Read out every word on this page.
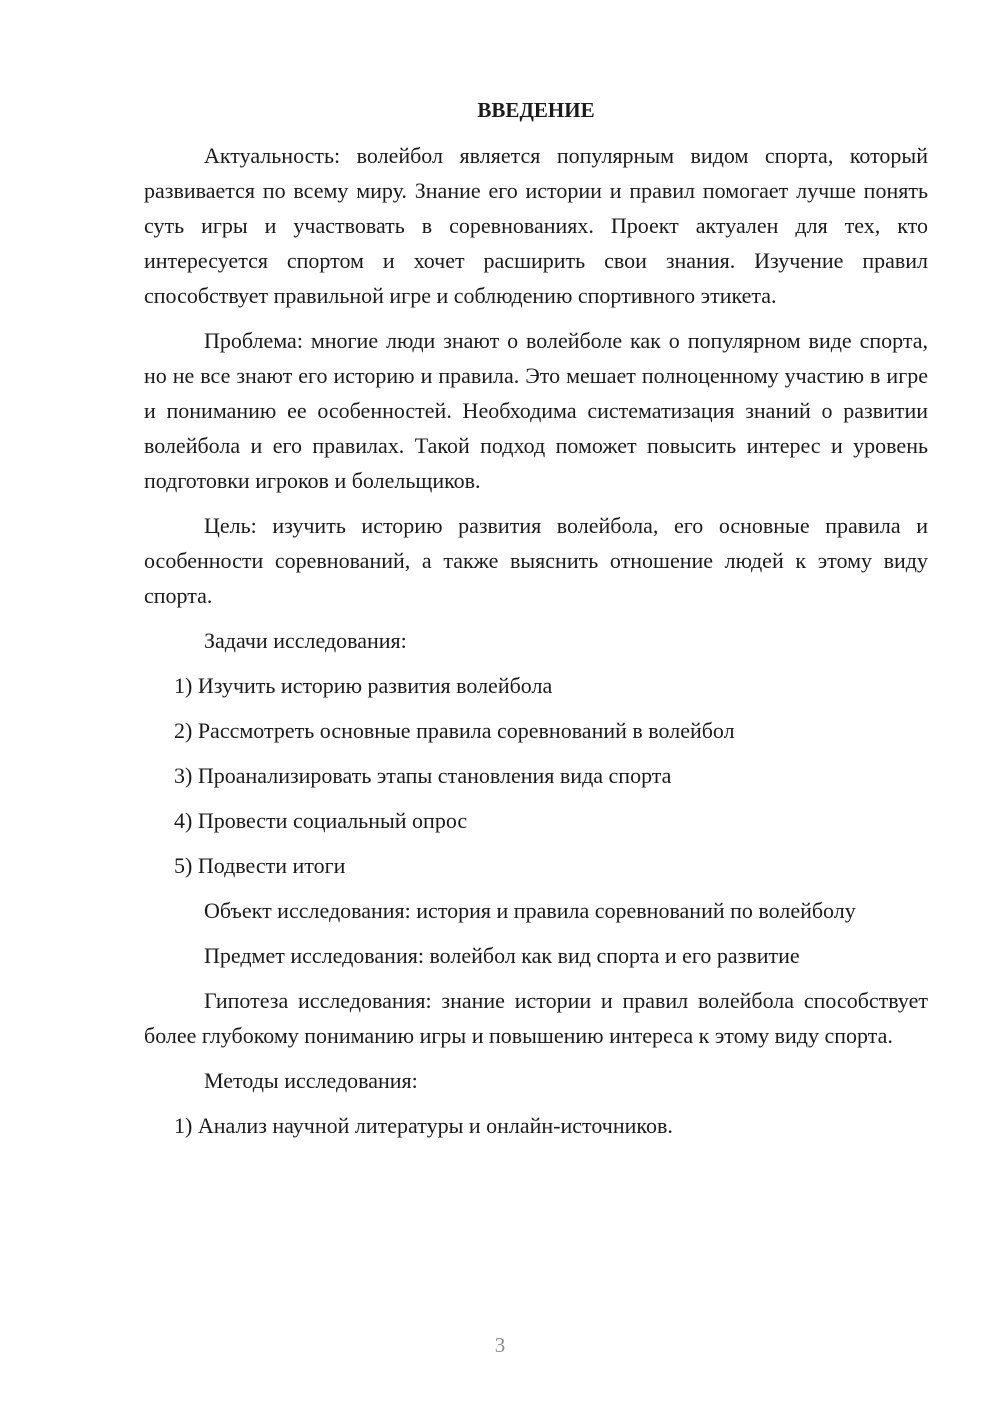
ВВЕДЕНИЕ

Актуальность: волейбол является популярным видом спорта, который развивается по всему миру. Знание его истории и правил помогает лучше понять суть игры и участвовать в соревнованиях. Проект актуален для тех, кто интересуется спортом и хочет расширить свои знания. Изучение правил способствует правильной игре и соблюдению спортивного этикета.

Проблема: многие люди знают о волейболе как о популярном виде спорта, но не все знают его историю и правила. Это мешает полноценному участию в игре и пониманию ее особенностей. Необходима систематизация знаний о развитии волейбола и его правилах. Такой подход поможет повысить интерес и уровень подготовки игроков и болельщиков.

Цель: изучить историю развития волейбола, его основные правила и особенности соревнований, а также выяснить отношение людей к этому виду спорта.

Задачи исследования:
1) Изучить историю развития волейбола
2) Рассмотреть основные правила соревнований в волейбол
3) Проанализировать этапы становления вида спорта
4) Провести социальный опрос
5) Подвести итоги

Объект исследования: история и правила соревнований по волейболу

Предмет исследования: волейбол как вид спорта и его развитие

Гипотеза исследования: знание истории и правил волейбола способствует более глубокому пониманию игры и повышению интереса к этому виду спорта.

Методы исследования:
1) Анализ научной литературы и онлайн-источников.
3
